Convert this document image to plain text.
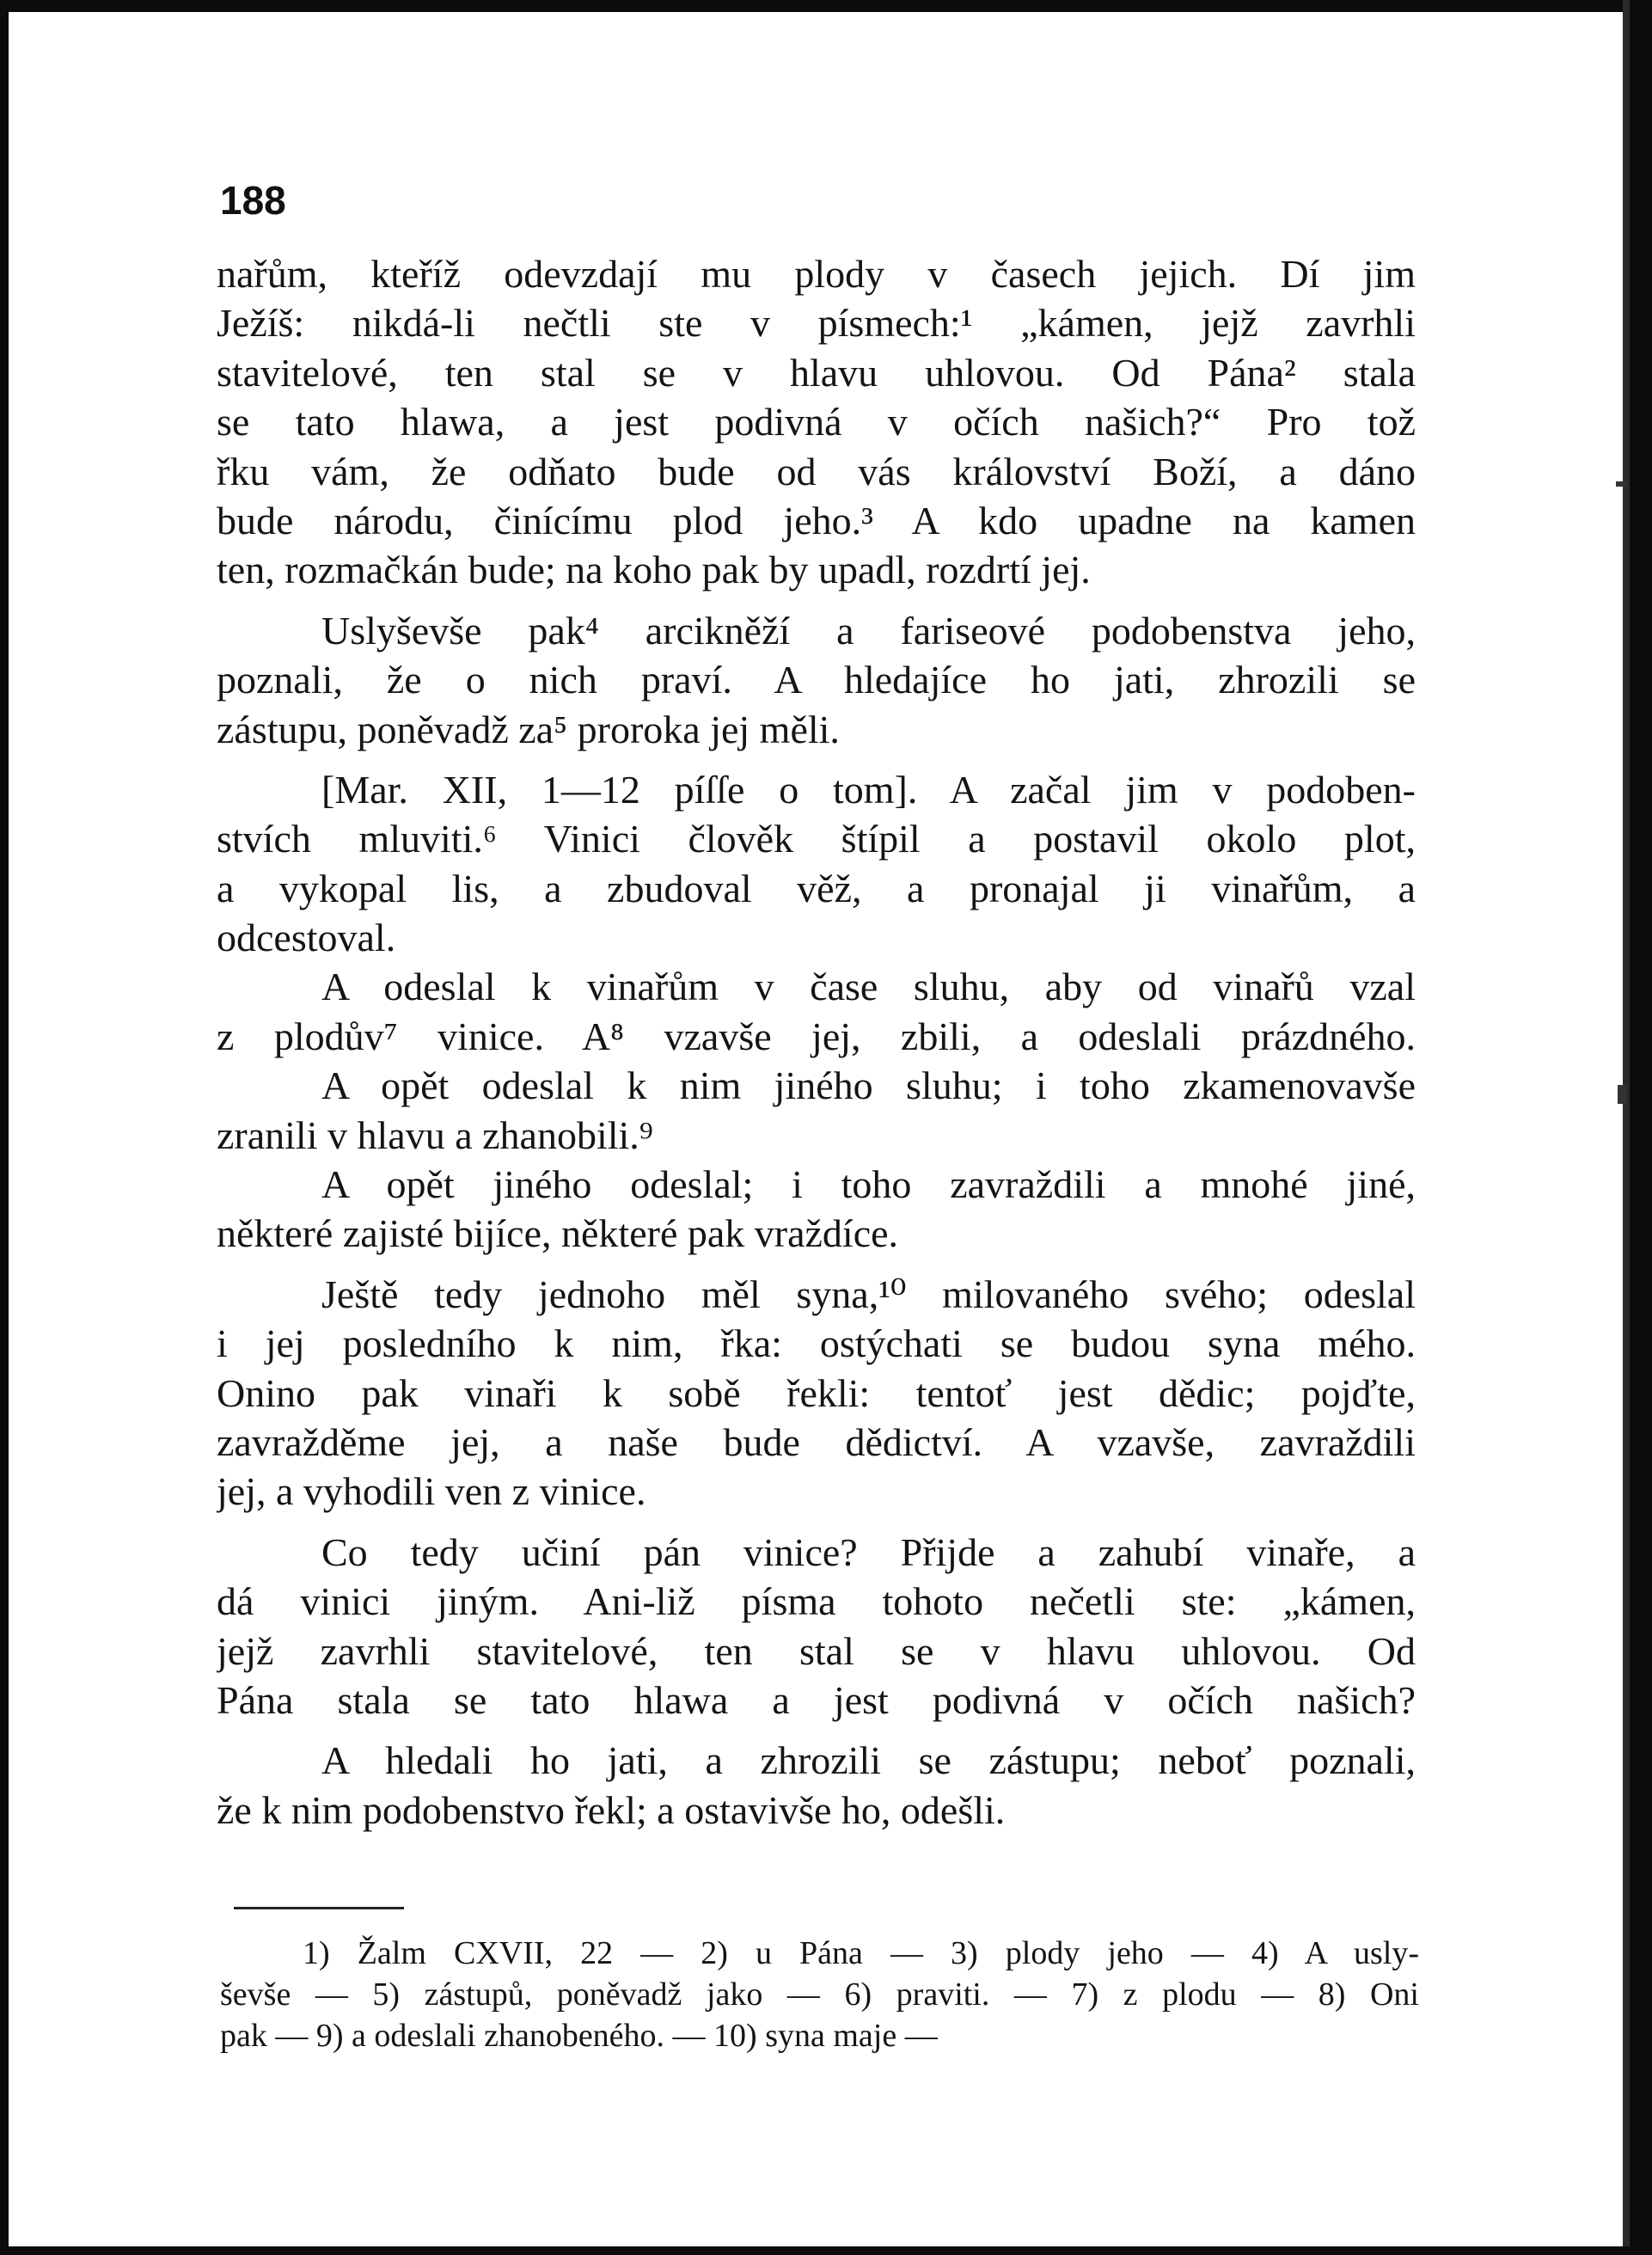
188
nařům, kteříž odevzdají mu plody v časech jejich. Dí jim
Ježíš: nikdá-li nečtli ste v písmech:¹ „kámen, jejž zavrhli
stavitelové, ten stal se v hlavu uhlovou. Od Pána² stala
se tato hlawa, a jest podivná v očích našich?“ Pro tož
řku vám, že odňato bude od vás království Boží, a dáno
bude národu, činícímu plod jeho.³ A kdo upadne na kamen
ten, rozmačkán bude; na koho pak by upadl, rozdrtí jej.
Uslyševše pak⁴ arcikněží a fariseové podobenstva jeho,
poznali, že o nich praví. A hledajíce ho jati, zhrozili se
zástupu, poněvadž za⁵ proroka jej měli.
[Mar. XII, 1—12 píſſe o tom]. A začal jim v podoben-
stvích mluviti.⁶ Vinici člověk štípil a postavil okolo plot,
a vykopal lis, a zbudoval věž, a pronajal ji vinařům, a
odcestoval.
A odeslal k vinařům v čase sluhu, aby od vinařů vzal
z plodův⁷ vinice. A⁸ vzavše jej, zbili, a odeslali prázdného.
A opět odeslal k nim jiného sluhu; i toho zkamenovavše
zranili v hlavu a zhanobili.⁹
A opět jiného odeslal; i toho zavraždili a mnohé jiné,
některé zajisté bijíce, některé pak vraždíce.
Ještě tedy jednoho měl syna,¹⁰ milovaného svého; odeslal
i jej posledního k nim, řka: ostýchati se budou syna mého.
Onino pak vinaři k sobě řekli: tentoť jest dědic; pojďte,
zavražděme jej, a naše bude dědictví. A vzavše, zavraždili
jej, a vyhodili ven z vinice.
Co tedy učiní pán vinice? Přijde a zahubí vinaře, a
dá vinici jiným. Ani-liž písma tohoto nečetli ste: „kámen,
jejž zavrhli stavitelové, ten stal se v hlavu uhlovou. Od
Pána stala se tato hlawa a jest podivná v očích našich?
A hledali ho jati, a zhrozili se zástupu; neboť poznali,
že k nim podobenstvo řekl; a ostavivše ho, odešli.
1) Žalm CXVII, 22 — 2) u Pána — 3) plody jeho — 4) A usly-
ševše — 5) zástupů, poněvadž jako — 6) praviti. — 7) z plodu — 8) Oni
pak — 9) a odeslali zhanobeného. — 10) syna maje —
